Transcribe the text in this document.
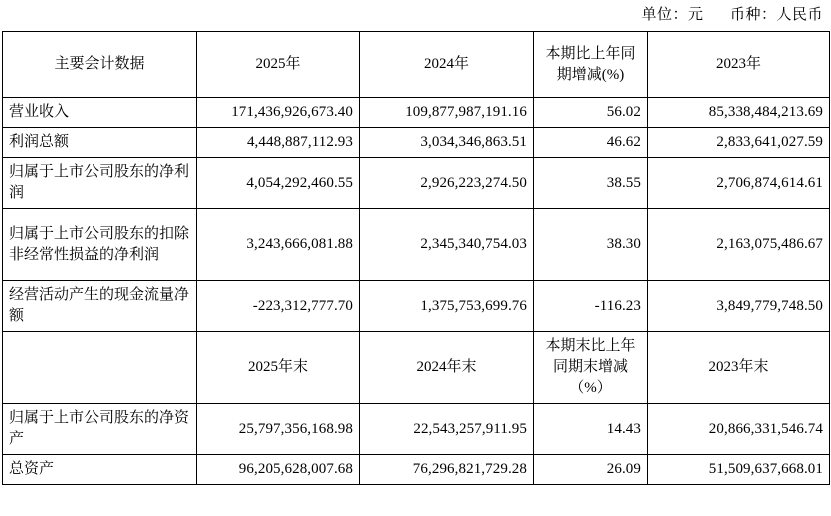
单位：元 币种：人民币
主要会计数据	2025年	2024年	本期比上年同期增减(%)	2023年
营业收入	171,436,926,673.40	109,877,987,191.16	56.02	85,338,484,213.69
利润总额	4,448,887,112.93	3,034,346,863.51	46.62	2,833,641,027.59
归属于上市公司股东的净利润	4,054,292,460.55	2,926,223,274.50	38.55	2,706,874,614.61
归属于上市公司股东的扣除非经常性损益的净利润	3,243,666,081.88	2,345,340,754.03	38.30	2,163,075,486.67
经营活动产生的现金流量净额	-223,312,777.70	1,375,753,699.76	-116.23	3,849,779,748.50
	2025年末	2024年末	本期末比上年同期末增减（%）	2023年末
归属于上市公司股东的净资产	25,797,356,168.98	22,543,257,911.95	14.43	20,866,331,546.74
总资产	96,205,628,007.68	76,296,821,729.28	26.09	51,509,637,668.01
